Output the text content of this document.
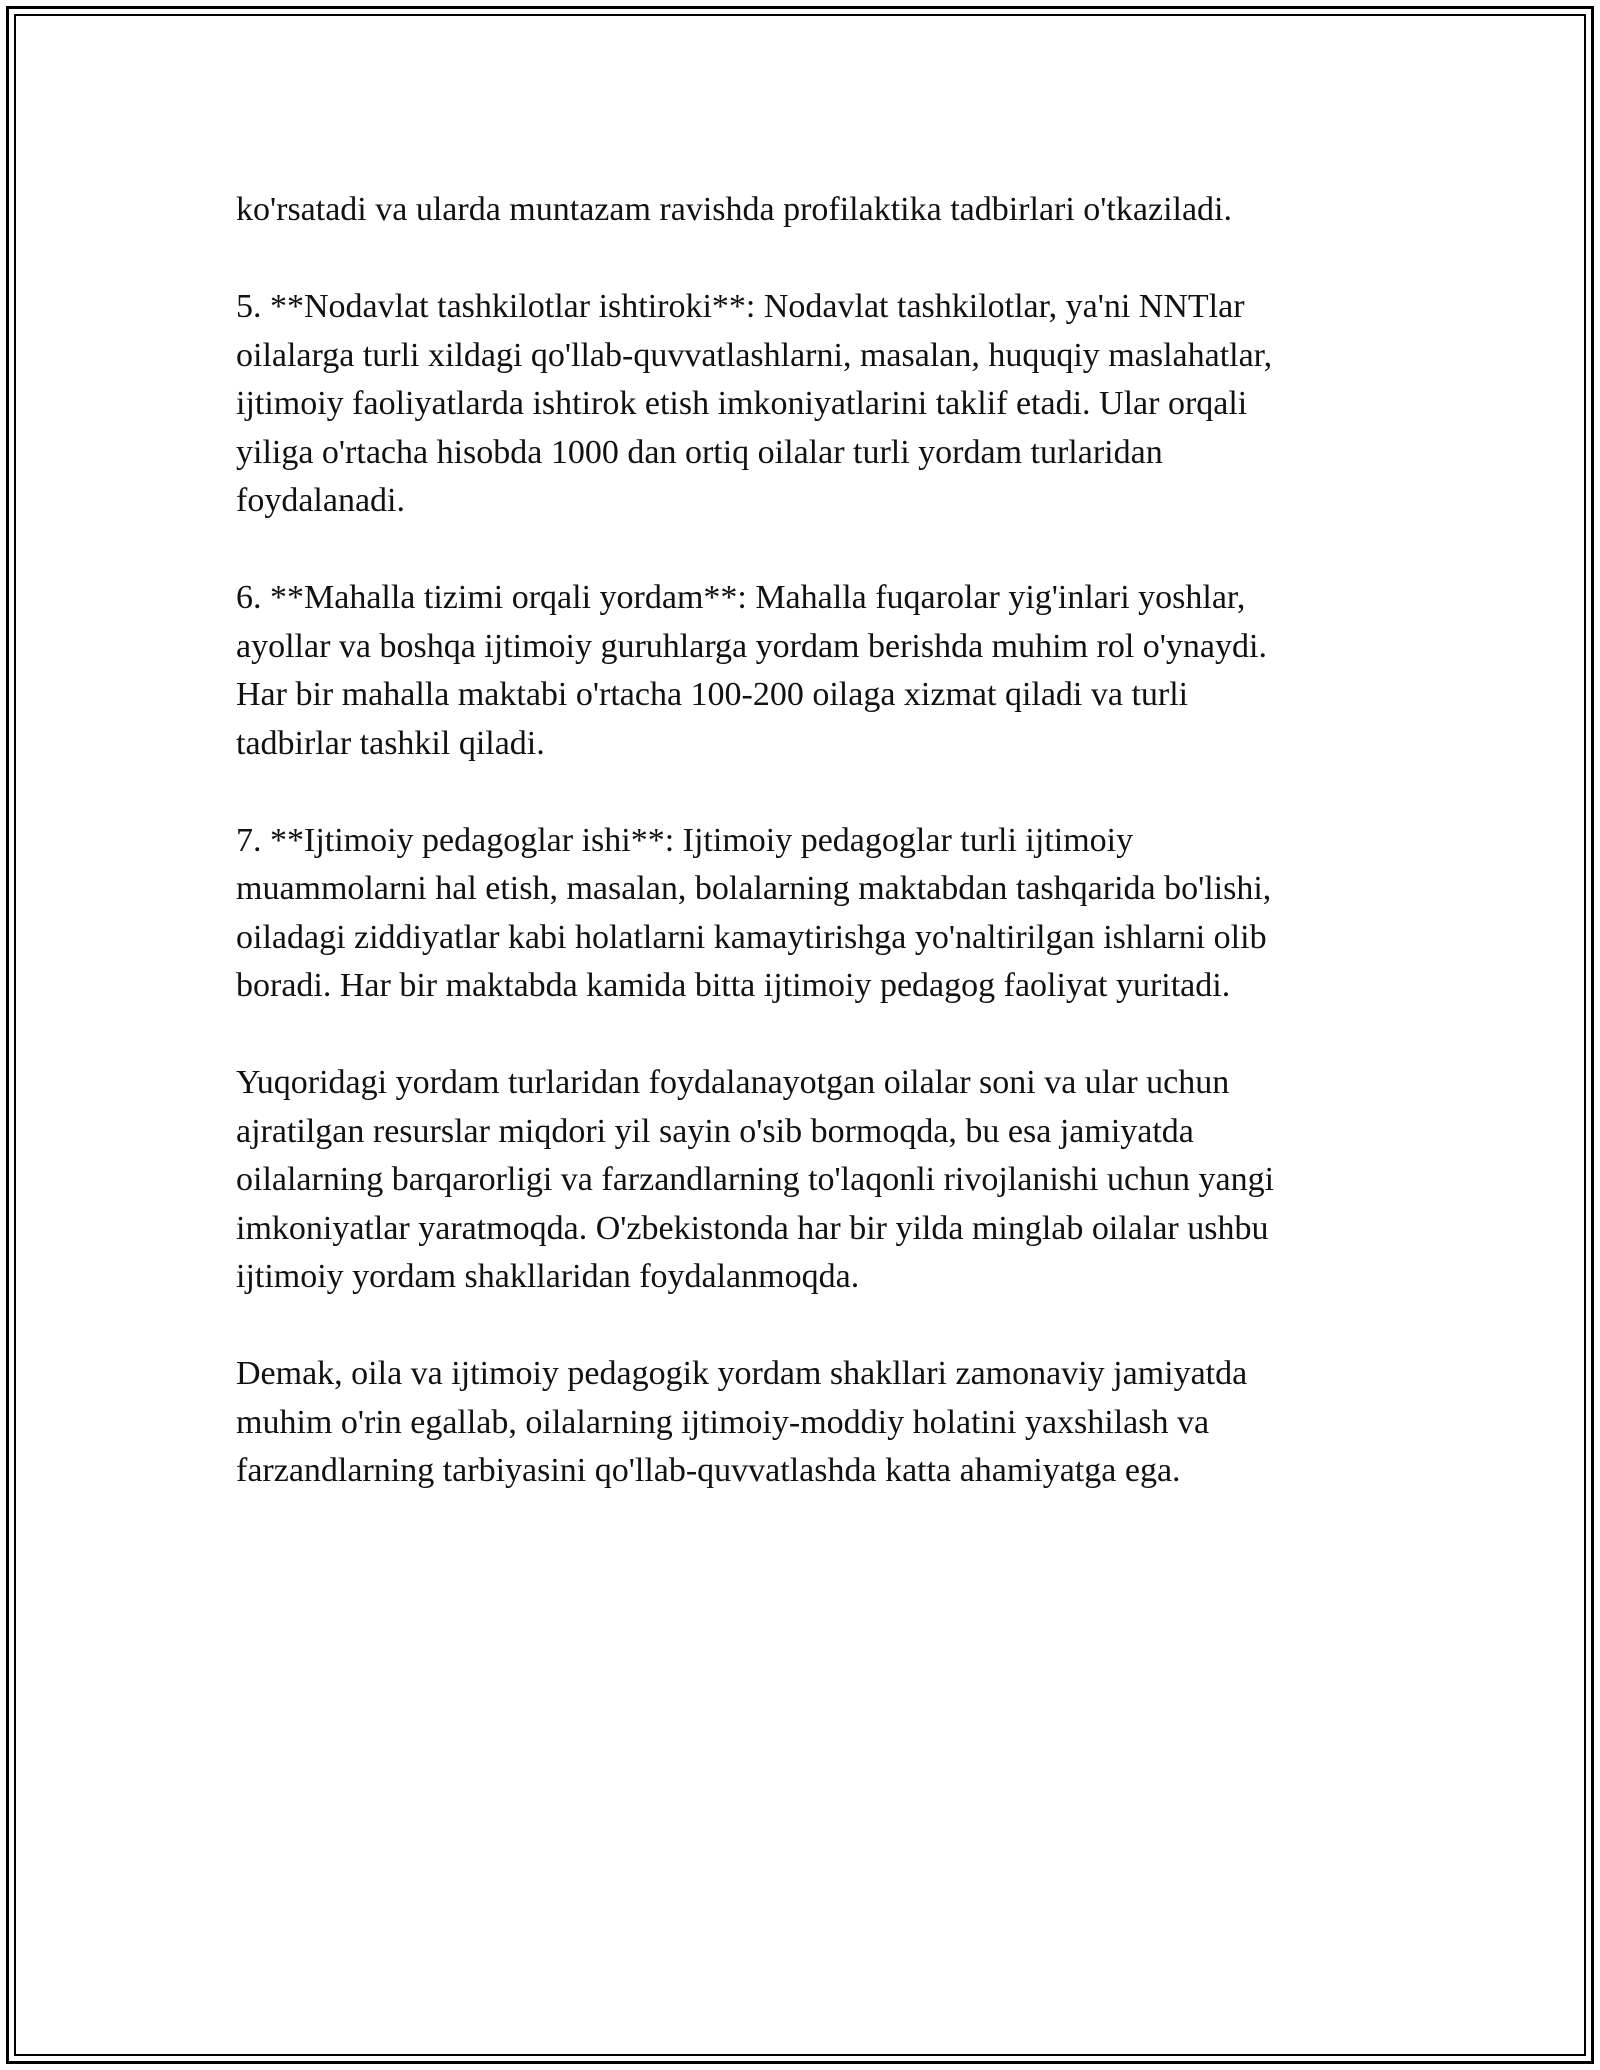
ko'rsatadi va ularda muntazam ravishda profilaktika tadbirlari o'tkaziladi.

5. **Nodavlat tashkilotlar ishtiroki**: Nodavlat tashkilotlar, ya'ni NNTlar
oilalarga turli xildagi qo'llab-quvvatlashlarni, masalan, huquqiy maslahatlar,
ijtimoiy faoliyatlarda ishtirok etish imkoniyatlarini taklif etadi. Ular orqali
yiliga o'rtacha hisobda 1000 dan ortiq oilalar turli yordam turlaridan
foydalanadi.

6. **Mahalla tizimi orqali yordam**: Mahalla fuqarolar yig'inlari yoshlar,
ayollar va boshqa ijtimoiy guruhlarga yordam berishda muhim rol o'ynaydi.
Har bir mahalla maktabi o'rtacha 100-200 oilaga xizmat qiladi va turli
tadbirlar tashkil qiladi.

7. **Ijtimoiy pedagoglar ishi**: Ijtimoiy pedagoglar turli ijtimoiy
muammolarni hal etish, masalan, bolalarning maktabdan tashqarida bo'lishi,
oiladagi ziddiyatlar kabi holatlarni kamaytirishga yo'naltirilgan ishlarni olib
boradi. Har bir maktabda kamida bitta ijtimoiy pedagog faoliyat yuritadi.

Yuqoridagi yordam turlaridan foydalanayotgan oilalar soni va ular uchun
ajratilgan resurslar miqdori yil sayin o'sib bormoqda, bu esa jamiyatda
oilalarning barqarorligi va farzandlarning to'laqonli rivojlanishi uchun yangi
imkoniyatlar yaratmoqda. O'zbekistonda har bir yilda minglab oilalar ushbu
ijtimoiy yordam shakllaridan foydalanmoqda.

Demak, oila va ijtimoiy pedagogik yordam shakllari zamonaviy jamiyatda
muhim o'rin egallab, oilalarning ijtimoiy-moddiy holatini yaxshilash va
farzandlarning tarbiyasini qo'llab-quvvatlashda katta ahamiyatga ega.
